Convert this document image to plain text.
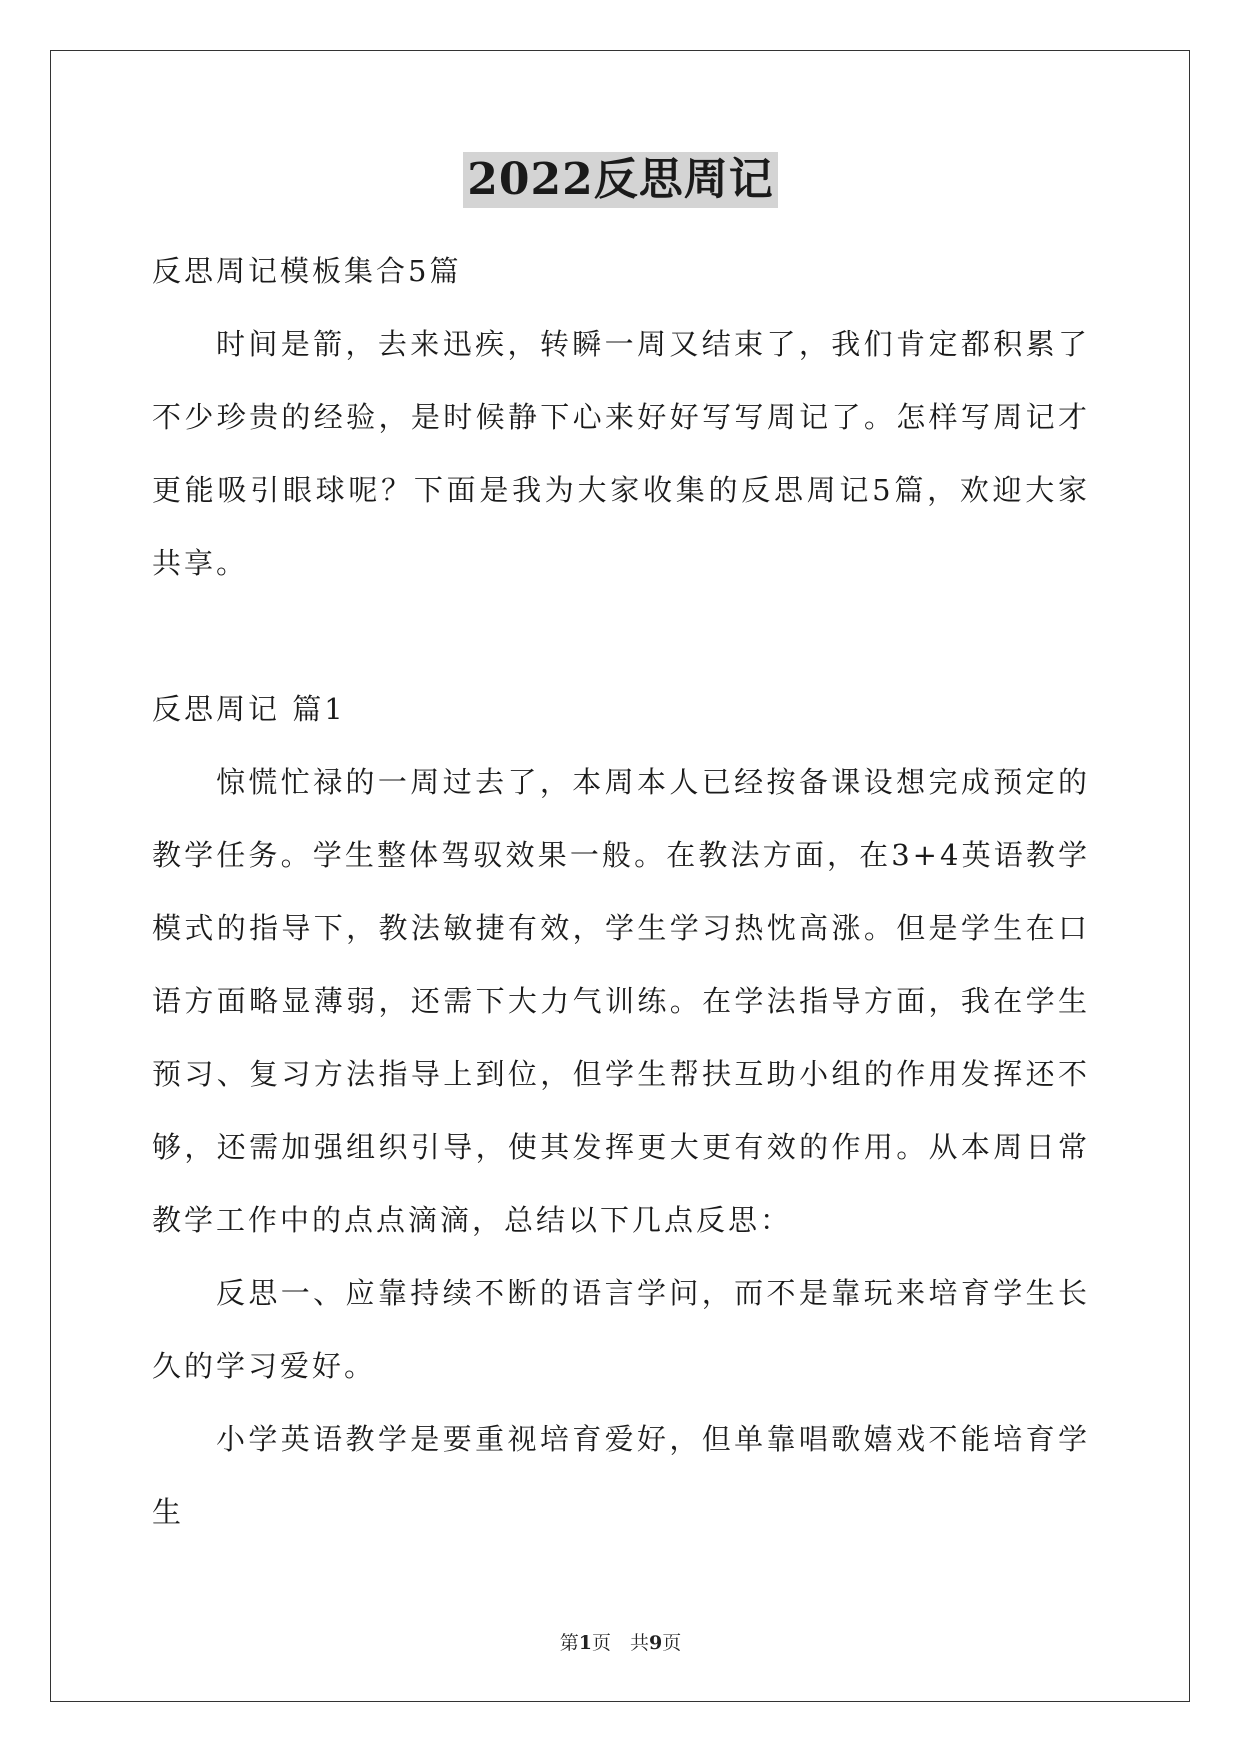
2022反思周记

反思周记模板集合5篇

时间是箭，去来迅疾，转瞬一周又结束了，我们肯定都积累了不少珍贵的经验，是时候静下心来好好写写周记了。怎样写周记才更能吸引眼球呢？下面是我为大家收集的反思周记5篇，欢迎大家共享。

反思周记 篇1

惊慌忙禄的一周过去了，本周本人已经按备课设想完成预定的教学任务。学生整体驾驭效果一般。在教法方面，在3+4英语教学模式的指导下，教法敏捷有效，学生学习热忱高涨。但是学生在口语方面略显薄弱，还需下大力气训练。在学法指导方面，我在学生预习、复习方法指导上到位，但学生帮扶互助小组的作用发挥还不够，还需加强组织引导，使其发挥更大更有效的作用。从本周日常教学工作中的点点滴滴，总结以下几点反思：

反思一、应靠持续不断的语言学问，而不是靠玩来培育学生长久的学习爱好。

小学英语教学是要重视培育爱好，但单靠唱歌嬉戏不能培育学生

第1页　共9页
